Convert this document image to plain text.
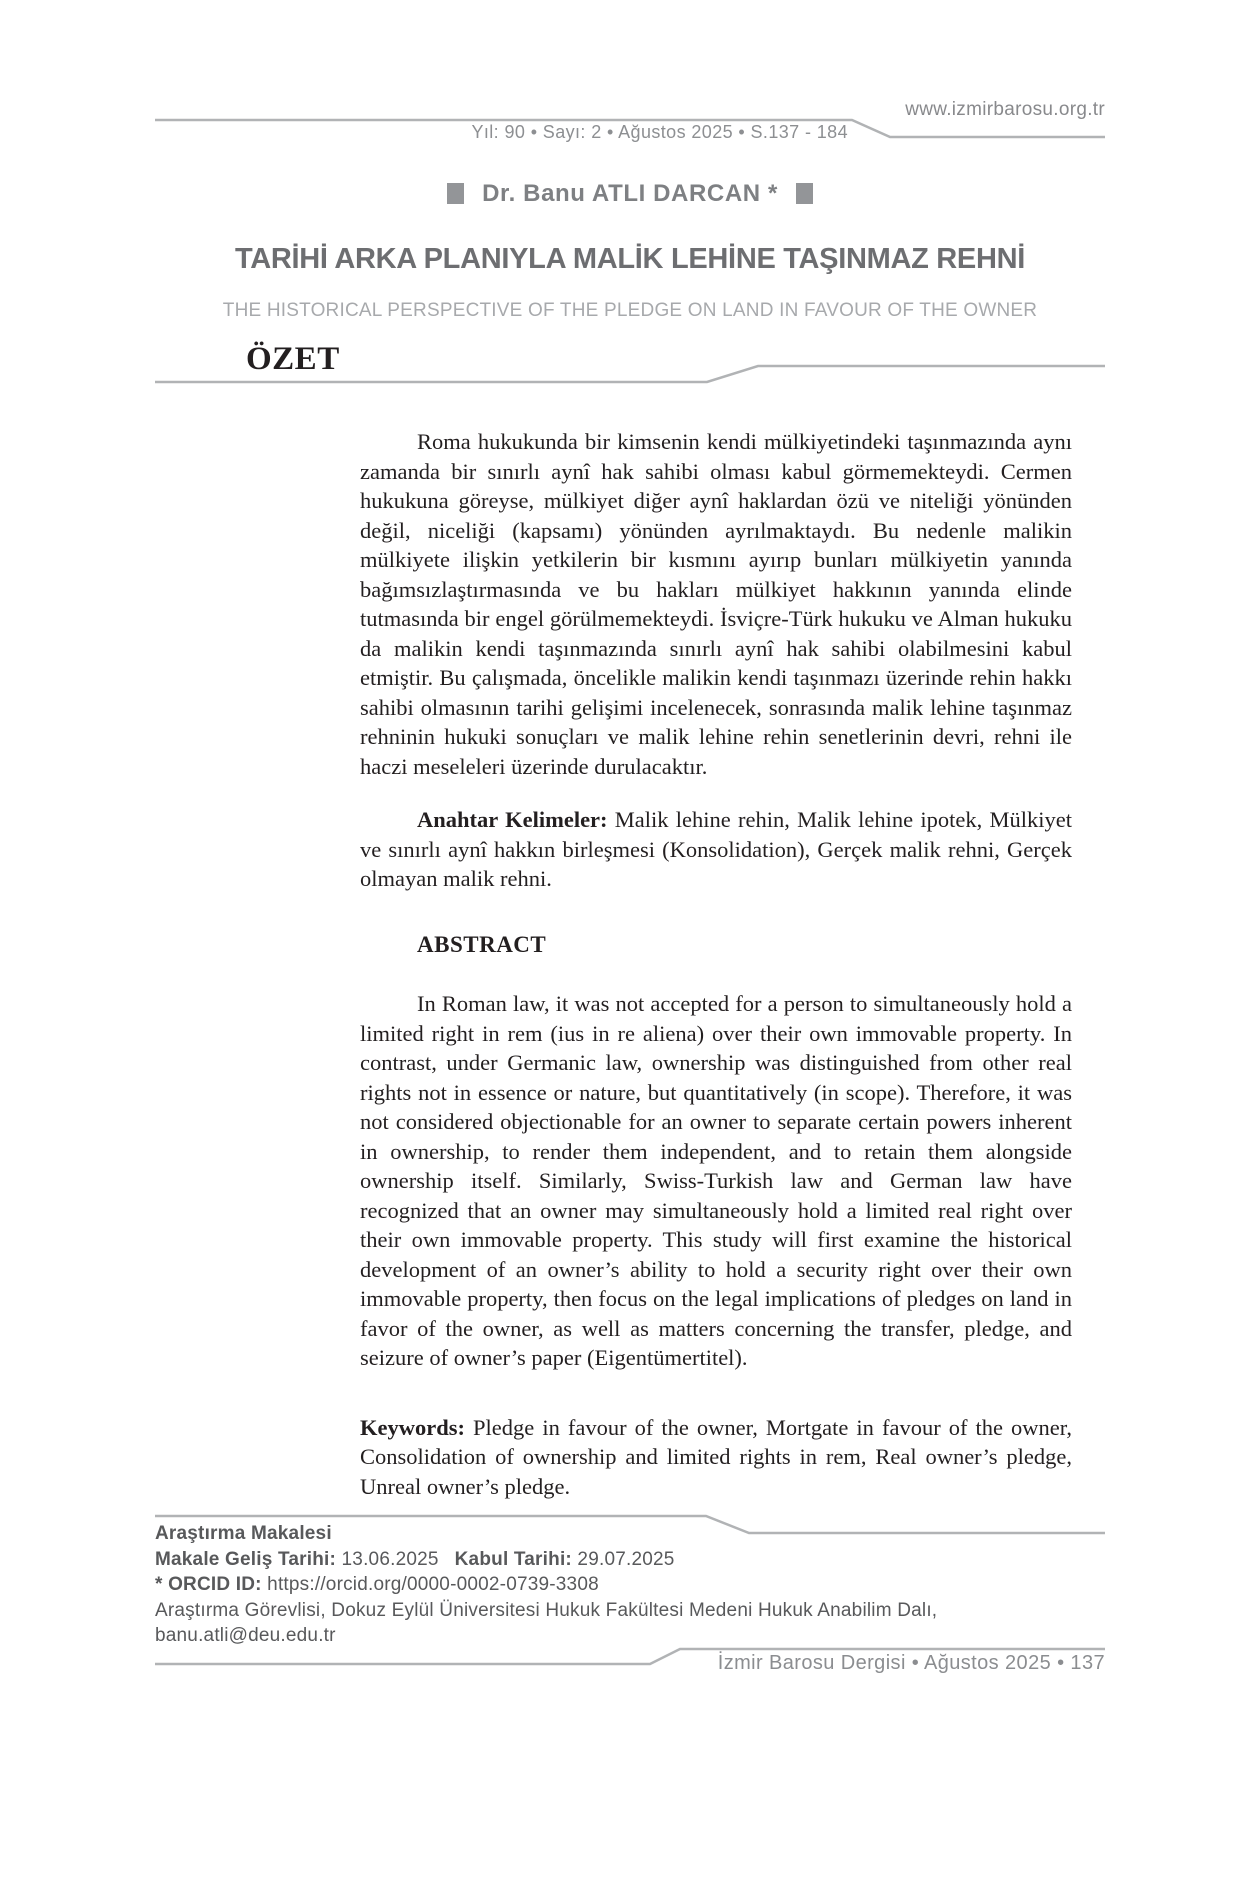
Yıl: 90 • Sayı: 2 • Ağustos 2025 • S.137 - 184
www.izmirbarosu.org.tr
Dr. Banu ATLI DARCAN *
TARİHİ ARKA PLANIYLA MALİK LEHİNE TAŞINMAZ REHNİ
THE HISTORICAL PERSPECTIVE OF THE PLEDGE ON LAND IN FAVOUR OF THE OWNER
ÖZET

Roma hukukunda bir kimsenin kendi mülkiyetindeki taşınmazında aynı zamanda bir sınırlı aynî hak sahibi olması kabul görmemekteydi. Cermen hukukuna göreyse, mülkiyet diğer aynî haklardan özü ve niteliği yönünden değil, niceliği (kapsamı) yönünden ayrılmaktaydı. Bu nedenle malikin mülkiyete ilişkin yetkilerin bir kısmını ayırıp bunları mülkiyetin yanında bağımsızlaştırmasında ve bu hakları mülkiyet hakkının yanında elinde tutmasında bir engel görülmemekteydi. İsviçre-Türk hukuku ve Alman hukuku da malikin kendi taşınmazında sınırlı aynî hak sahibi olabilmesini kabul etmiştir. Bu çalışmada, öncelikle malikin kendi taşınmazı üzerinde rehin hakkı sahibi olmasının tarihi gelişimi incelenecek, sonrasında malik lehine taşınmaz rehninin hukuki sonuçları ve malik lehine rehin senetlerinin devri, rehni ile haczi meseleleri üzerinde durulacaktır.

Anahtar Kelimeler: Malik lehine rehin, Malik lehine ipotek, Mülkiyet ve sınırlı aynî hakkın birleşmesi (Konsolidation), Gerçek malik rehni, Gerçek olmayan malik rehni.

ABSTRACT

In Roman law, it was not accepted for a person to simultaneously hold a limited right in rem (ius in re aliena) over their own immovable property. In contrast, under Germanic law, ownership was distinguished from other real rights not in essence or nature, but quantitatively (in scope). Therefore, it was not considered objectionable for an owner to separate certain powers inherent in ownership, to render them independent, and to retain them alongside ownership itself. Similarly, Swiss-Turkish law and German law have recognized that an owner may simultaneously hold a limited real right over their own immovable property. This study will first examine the historical development of an owner’s ability to hold a security right over their own immovable property, then focus on the legal implications of pledges on land in favor of the owner, as well as matters concerning the transfer, pledge, and seizure of owner’s paper (Eigentümertitel).

Keywords: Pledge in favour of the owner, Mortgate in favour of the owner, Consolidation of ownership and limited rights in rem, Real owner’s pledge, Unreal owner’s pledge.

Araştırma Makalesi
Makale Geliş Tarihi: 13.06.2025 Kabul Tarihi: 29.07.2025
* ORCID ID: https://orcid.org/0000-0002-0739-3308
Araştırma Görevlisi, Dokuz Eylül Üniversitesi Hukuk Fakültesi Medeni Hukuk Anabilim Dalı,
banu.atli@deu.edu.tr
İzmir Barosu Dergisi • Ağustos 2025 • 137
